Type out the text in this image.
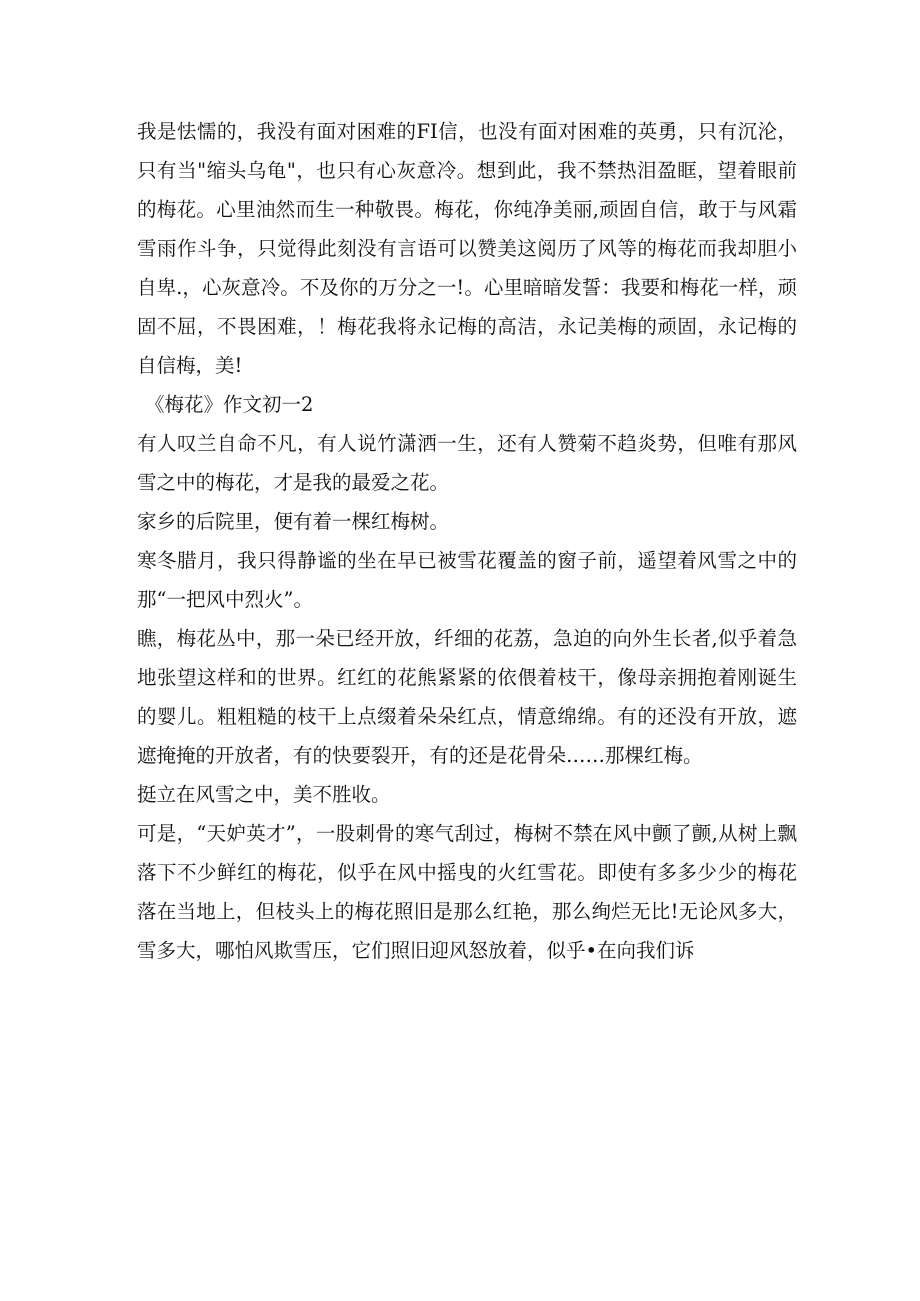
我是怯懦的，我没有面对困难的FI信，也没有面对困难的英勇，只有沉沦，只有当"缩头乌龟"，也只有心灰意冷。想到此，我不禁热泪盈眶，望着眼前的梅花。心里油然而生一种敬畏。梅花，你纯净美丽,顽固自信，敢于与风霜雪雨作斗争，只觉得此刻没有言语可以赞美这阅历了风等的梅花而我却胆小自卑.，心灰意冷。不及你的万分之一!。心里暗暗发誓：我要和梅花一样，顽固不屈，不畏困难，！梅花我将永记梅的高洁，永记美梅的顽固，永记梅的自信梅，美!

《梅花》作文初一2

有人叹兰自命不凡，有人说竹潇洒一生，还有人赞菊不趋炎势，但唯有那风雪之中的梅花，才是我的最爱之花。

家乡的后院里，便有着一棵红梅树。

寒冬腊月，我只得静谧的坐在早已被雪花覆盖的窗子前，遥望着风雪之中的那“一把风中烈火”。

瞧，梅花丛中，那一朵已经开放，纤细的花荔，急迫的向外生长者,似乎着急地张望这样和的世界。红红的花熊紧紧的依偎着枝干，像母亲拥抱着刚诞生的婴儿。粗粗糙的枝干上点缀着朵朵红点，情意绵绵。有的还没有开放，遮遮掩掩的开放者，有的快要裂开，有的还是花骨朵……那棵红梅。

挺立在风雪之中，美不胜收。

可是，“天妒英才”，一股刺骨的寒气刮过，梅树不禁在风中颤了颤,从树上飘落下不少鲜红的梅花，似乎在风中摇曳的火红雪花。即使有多多少少的梅花落在当地上，但枝头上的梅花照旧是那么红艳，那么绚烂无比!无论风多大，雪多大，哪怕风欺雪压，它们照旧迎风怒放着，似乎•在向我们诉
